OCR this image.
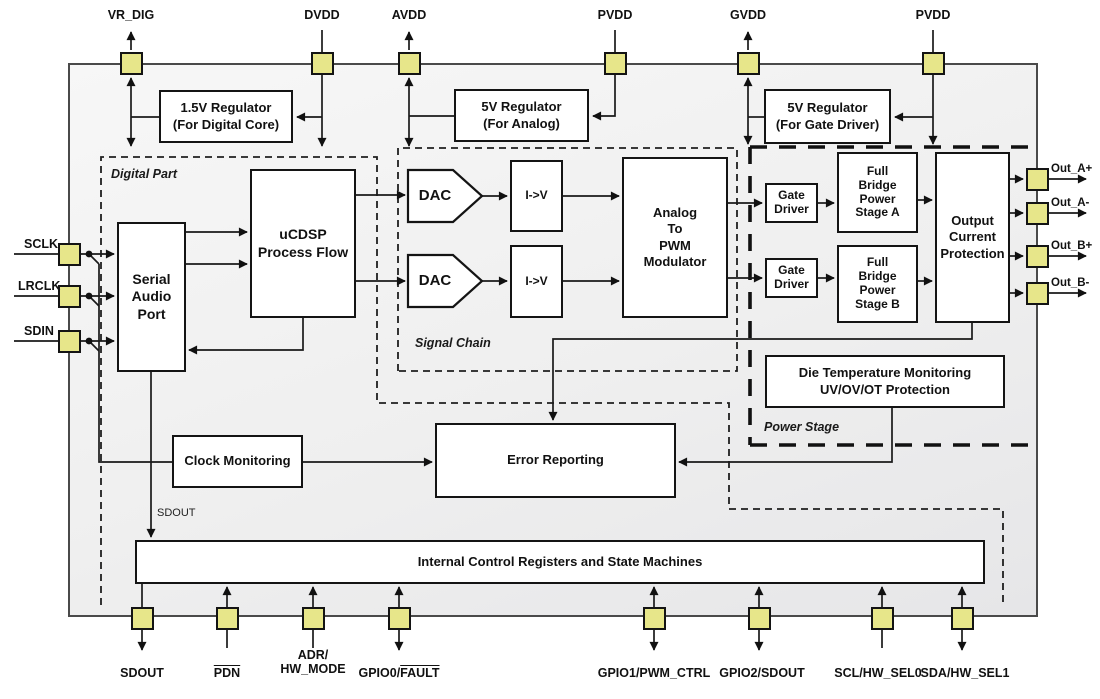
Digital Part
Signal Chain
Power Stage
1.5V Regulator
(For Digital Core)
5V Regulator
(For Analog)
5V Regulator
(For Gate Driver)
Serial
Audio
Port
uCDSP
Process Flow
DAC
DAC
I->V
I->V
Analog
To
PWM
Modulator
Gate
Driver
Gate
Driver
Full
Bridge
Power
Stage A
Full
Bridge
Power
Stage B
Output
Current
Protection
Die Temperature Monitoring
UV/OV/OT Protection
Clock Monitoring	Error Reporting
Internal Control Registers and State Machines
SDOUT
VR_DIG	DVDD	AVDD	PVDD	GVDD	PVDD
SCLK
LRCLK
SDIN
Out_A+
Out_A-
Out_B+
Out_B-
SDOUT	$\overline{PDN}$
ADR/
HW_MODE	GPIO0/FAULT	GPIO1/PWM_CTRL GPIO2/SDOUT	SCL/HW_SEL0
SDA/HW_SEL1
